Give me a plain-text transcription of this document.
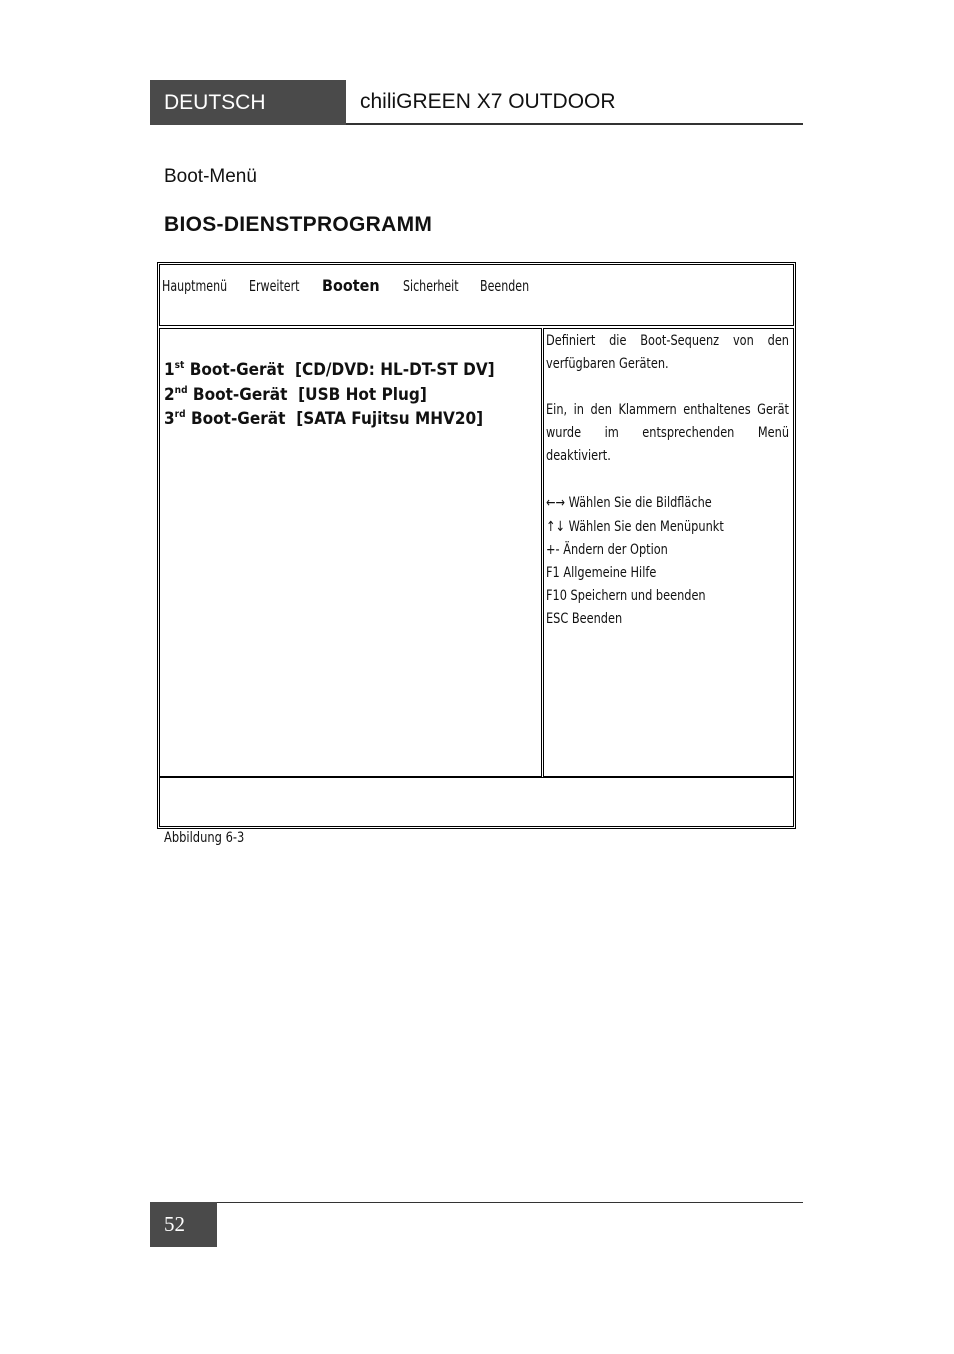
DEUTSCH	chiliGREEN X7 OUTDOOR
Boot-Menü
BIOS-DIENSTPROGRAMM
Hauptmenü Erweitert Booten Sicherheit Beenden
1st Boot-Gerät [CD/DVD: HL-DT-ST DV]
2nd Boot-Gerät [USB Hot Plug]
3rd Boot-Gerät [SATA Fujitsu MHV20]
Definiert die Boot-Sequenz von den verfügbaren Geräten.
Ein, in den Klammern enthaltenes Gerät wurde im entsprechenden Menü deaktiviert.
←→ Wählen Sie die Bildfläche
↑↓ Wählen Sie den Menüpunkt
+- Ändern der Option
F1 Allgemeine Hilfe
F10 Speichern und beenden
ESC Beenden
Abbildung 6-3
52
